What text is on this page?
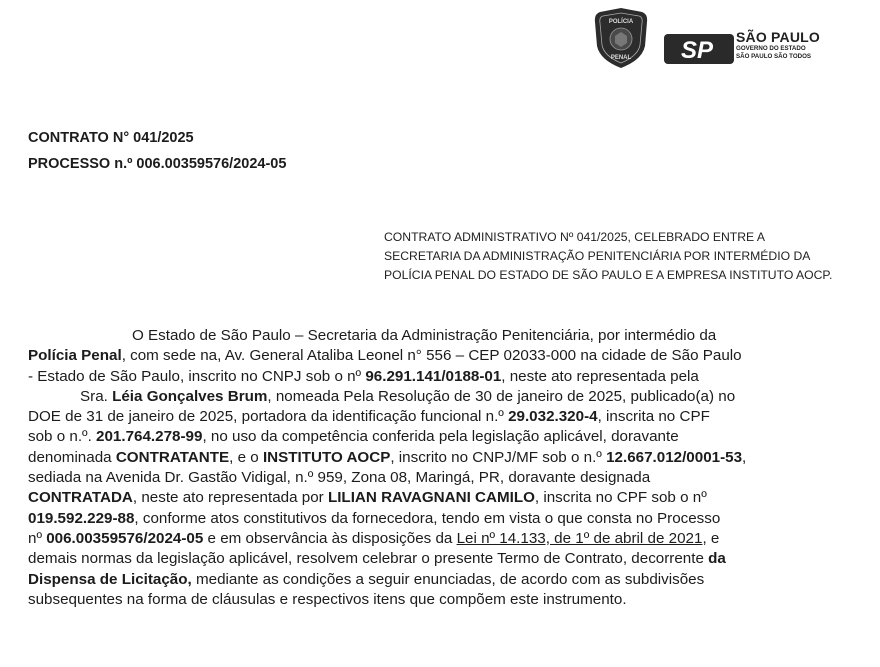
POLÍCIA
PENAL SP SÃO PAULO
GOVERNO DO ESTADO
SÃO PAULO SÃO TODOS
CONTRATO N° 041/2025
PROCESSO n.º 006.00359576/2024-05
CONTRATO ADMINISTRATIVO Nº 041/2025, CELEBRADO ENTRE A
SECRETARIA DA ADMINISTRAÇÃO PENITENCIÁRIA POR INTERMÉDIO DA
POLÍCIA PENAL DO ESTADO DE SÃO PAULO E A EMPRESA INSTITUTO AOCP.
O Estado de São Paulo – Secretaria da Administração Penitenciária, por intermédio da
Polícia Penal, com sede na, Av. General Ataliba Leonel n° 556 – CEP 02033-000 na cidade de São Paulo
- Estado de São Paulo, inscrito no CNPJ sob o nº 96.291.141/0188-01, neste ato representada pela
Sra. Léia Gonçalves Brum, nomeada Pela Resolução de 30 de janeiro de 2025, publicado(a) no
DOE de 31 de janeiro de 2025, portadora da identificação funcional n.º 29.032.320-4, inscrita no CPF
sob o n.º. 201.764.278-99, no uso da competência conferida pela legislação aplicável, doravante
denominada CONTRATANTE, e o INSTITUTO AOCP, inscrito no CNPJ/MF sob o n.º 12.667.012/0001-53,
sediada na Avenida Dr. Gastão Vidigal, n.º 959, Zona 08, Maringá, PR, doravante designada
CONTRATADA, neste ato representada por LILIAN RAVAGNANI CAMILO, inscrita no CPF sob o nº
019.592.229-88, conforme atos constitutivos da fornecedora, tendo em vista o que consta no Processo
nº 006.00359576/2024-05 e em observância às disposições da Lei nº 14.133, de 1º de abril de 2021, e
demais normas da legislação aplicável, resolvem celebrar o presente Termo de Contrato, decorrente da
Dispensa de Licitação, mediante as condições a seguir enunciadas, de acordo com as subdivisões
subsequentes na forma de cláusulas e respectivos itens que compõem este instrumento.
